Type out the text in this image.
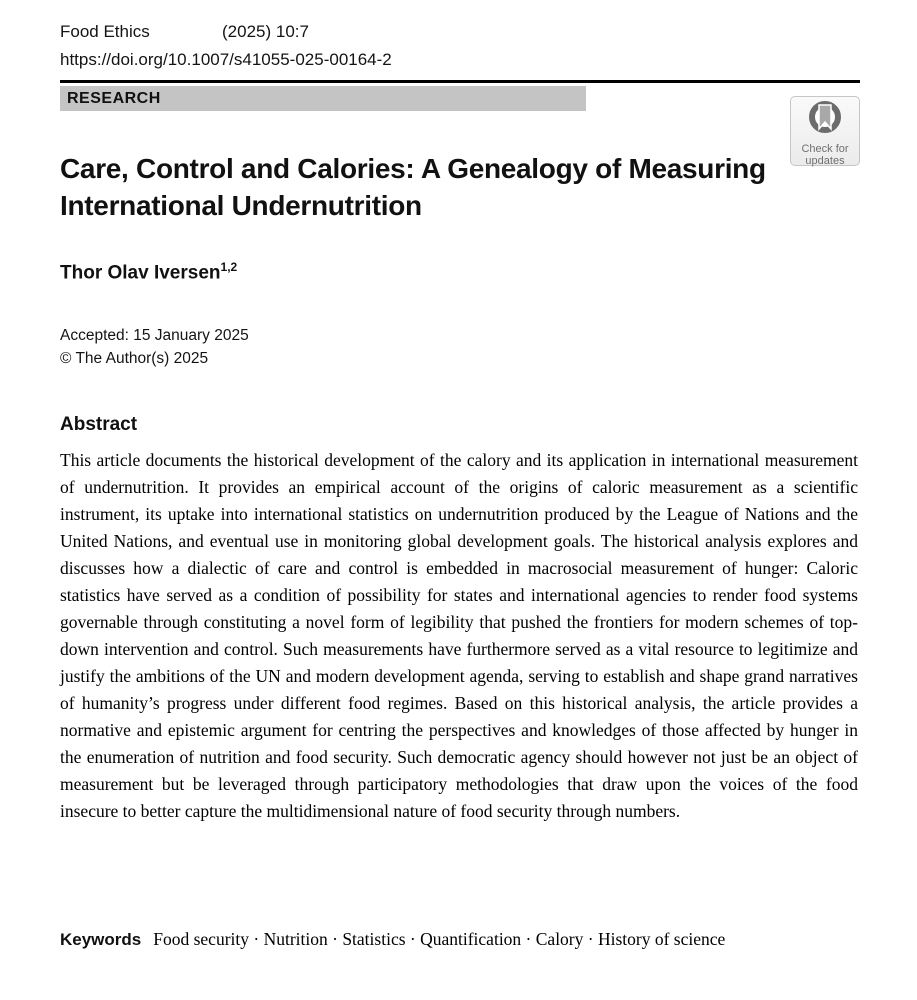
Food Ethics	(2025) 10:7
https://doi.org/10.1007/s41055-025-00164-2
RESEARCH
Check for
updates
Care, Control and Calories: A Genealogy of Measuring
International Undernutrition
Thor Olav Iversen$^{1,2}$
Accepted: 15 January 2025
© The Author(s) 2025
Abstract

This article documents the historical development of the calory and its application in international measurement of undernutrition. It provides an empirical account of the origins of caloric measurement as a scientific instrument, its uptake into international statistics on undernutrition produced by the League of Nations and the United Nations, and eventual use in monitoring global development goals. The historical analysis explores and discusses how a dialectic of care and control is embedded in macrosocial measurement of hunger: Caloric statistics have served as a condition of possibility for states and international agencies to render food systems governable through constituting a novel form of legibility that pushed the frontiers for modern schemes of top-down intervention and control. Such measurements have furthermore served as a vital resource to legitimize and justify the ambitions of the UN and modern development agenda, serving to establish and shape grand narratives of humanity’s progress under different food regimes. Based on this historical analysis, the article provides a normative and epistemic argument for centring the perspectives and knowledges of those affected by hunger in the enumeration of nutrition and food security. Such democratic agency should however not just be an object of measurement but be leveraged through participatory methodologies that draw upon the voices of the food insecure to better capture the multidimensional nature of food security through numbers.

Keywords Food security · Nutrition · Statistics · Quantification · Calory · History of science
